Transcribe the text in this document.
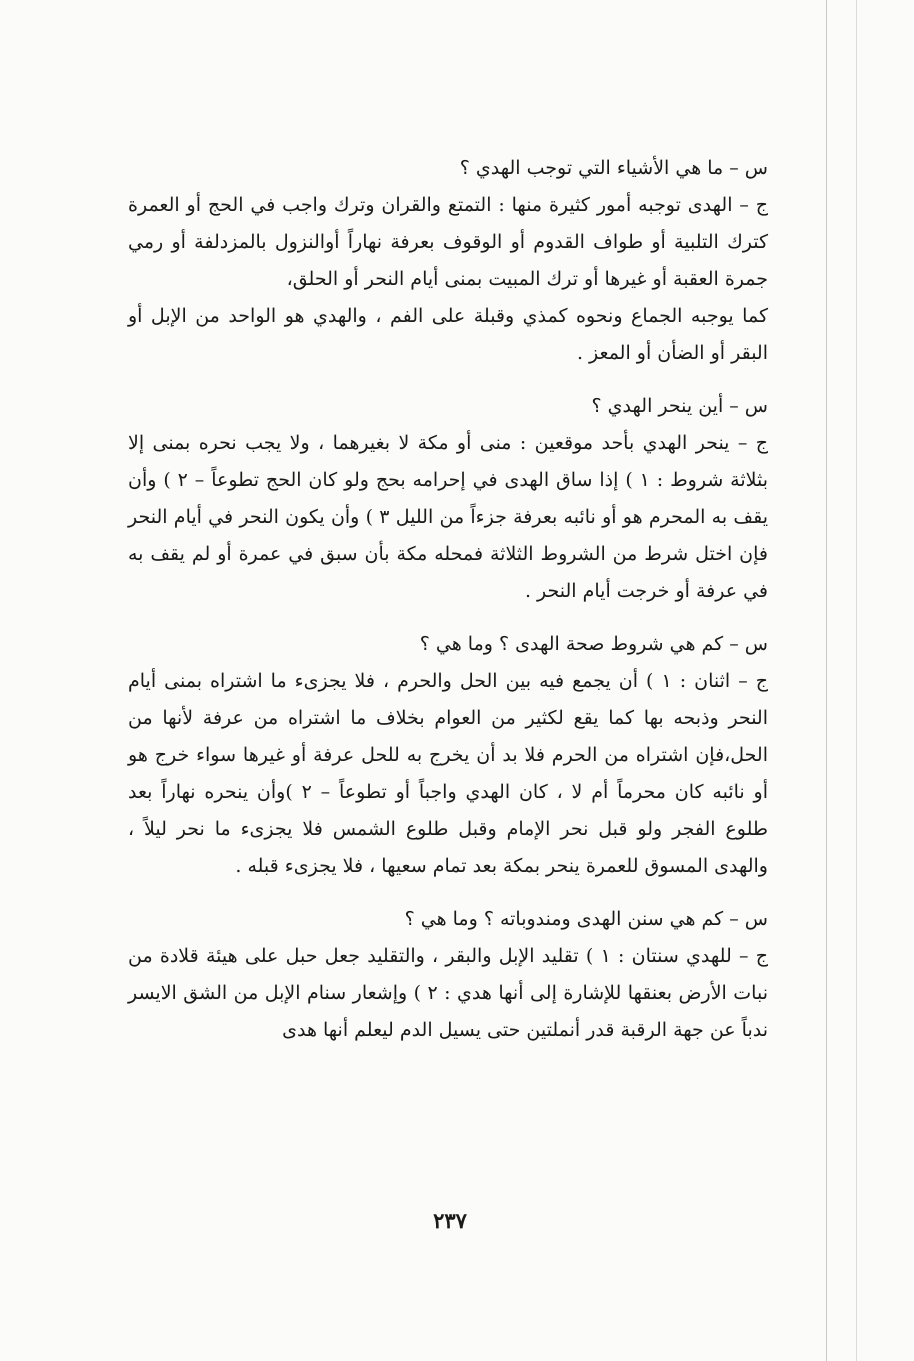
س – ما هي الأشياء التي توجب الهدي ؟

ج – الهدى توجبه أمور كثيرة منها : التمتع والقران وترك واجب في الحج أو العمرة كترك التلبية أو طواف القدوم أو الوقوف بعرفة نهاراً أوالنزول بالمزدلفة أو رمي جمرة العقبة أو غيرها أو ترك المبيت بمنى أيام النحر أو الحلق،

كما يوجبه الجماع ونحوه كمذي وقبلة على الفم ، والهدي هو الواحد من الإبل أو البقر أو الضأن أو المعز .

س – أين ينحر الهدي ؟

ج – ينحر الهدي بأحد موقعين : منى أو مكة لا بغيرهما ، ولا يجب نحره بمنى إلا بثلاثة شروط : ١ ) إذا ساق الهدى في إحرامه بحج ولو كان الحج تطوعاً – ٢ ) وأن يقف به المحرم هو أو نائبه بعرفة جزءاً من الليل ٣ ) وأن يكون النحر في أيام النحر فإن اختل شرط من الشروط الثلاثة فمحله مكة بأن سبق في عمرة أو لم يقف به في عرفة أو خرجت أيام النحر .

س – كم هي شروط صحة الهدى ؟ وما هي ؟

ج – اثنان : ١ ) أن يجمع فيه بين الحل والحرم ، فلا يجزىء ما اشتراه بمنى أيام النحر وذبحه بها كما يقع لكثير من العوام بخلاف ما اشتراه من عرفة لأنها من الحل،فإن اشتراه من الحرم فلا بد أن يخرج به للحل عرفة أو غيرها سواء خرج هو أو نائبه كان محرماً أم لا ، كان الهدي واجباً أو تطوعاً – ٢ )وأن ينحره نهاراً بعد طلوع الفجر ولو قبل نحر الإمام وقبل طلوع الشمس فلا يجزىء ما نحر ليلاً ، والهدى المسوق للعمرة ينحر بمكة بعد تمام سعيها ، فلا يجزىء قبله .

س – كم هي سنن الهدى ومندوباته ؟ وما هي ؟

ج – للهدي سنتان : ١ ) تقليد الإبل والبقر ، والتقليد جعل حبل على هيئة قلادة من نبات الأرض بعنقها للإشارة إلى أنها هدي : ٢ ) وإشعار سنام الإبل من الشق الايسر ندباً عن جهة الرقبة قدر أنملتين حتى يسيل الدم ليعلم أنها هدى

٢٣٧
